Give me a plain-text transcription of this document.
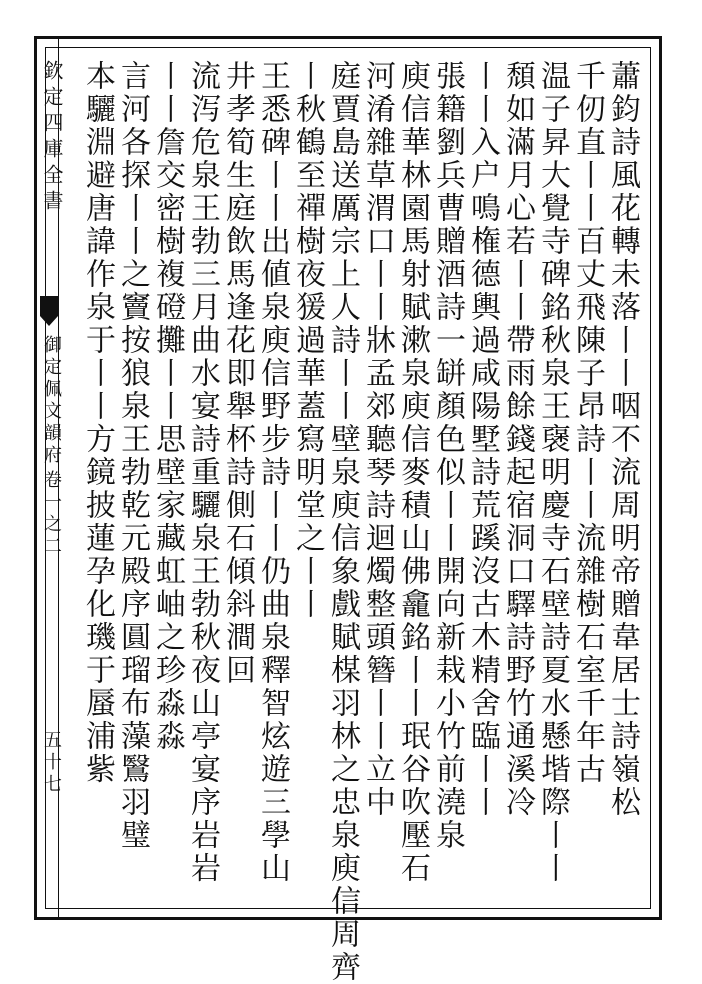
欽定四庫全書
御定佩文韻府
卷一之二
五十七	蕭鈞詩風花轉未落丨丨咽不流周明帝贈韋居士詩嶺松
千仞直丨丨百丈飛陳子昂詩丨丨流雜樹石室千年古
温子昇大覺寺碑銘秋泉王襃明慶寺石壁詩夏水懸堦際丨丨
頹如滿月心若丨丨帶雨餘錢起宿洞口驛詩野竹通溪冷
丨丨入户鳴権德輿過咸陽墅詩荒蹊沒古木精舍臨丨丨
張籍劉兵曹贈酒詩一缾顏色似丨丨開向新栽小竹前澆泉
庾信華林園馬射賦漱泉庾信麥積山佛龕銘丨丨珉谷吹壓石
河淆雜草渭口丨丨牀孟郊聽琴詩迴燭整頭簪丨丨立中
庭賈島送厲宗上人詩丨丨壁泉庾信象戲賦楳羽林之忠泉庾信周齊
丨秋鶴至禪樹夜猨過華蓋寫明堂之丨丨
王悉碑丨丨出値泉庾信野步詩丨丨仍曲泉釋智炫遊三學山
井孝筍生庭飲馬逢花即舉杯詩側石傾斜澗回
流泻危泉王勃三月曲水宴詩重驪泉王勃秋夜山亭宴序岩岩
丨丨詹交密樹複磴攤丨丨思壁家藏虹岫之珍淼淼
言河各探丨丨之竇按狼泉王勃乾元殿序圓瑠布藻鷖羽璧
本驪淵避唐諱作泉于丨丨方鏡披蓮孕化璣于蜃浦紫
